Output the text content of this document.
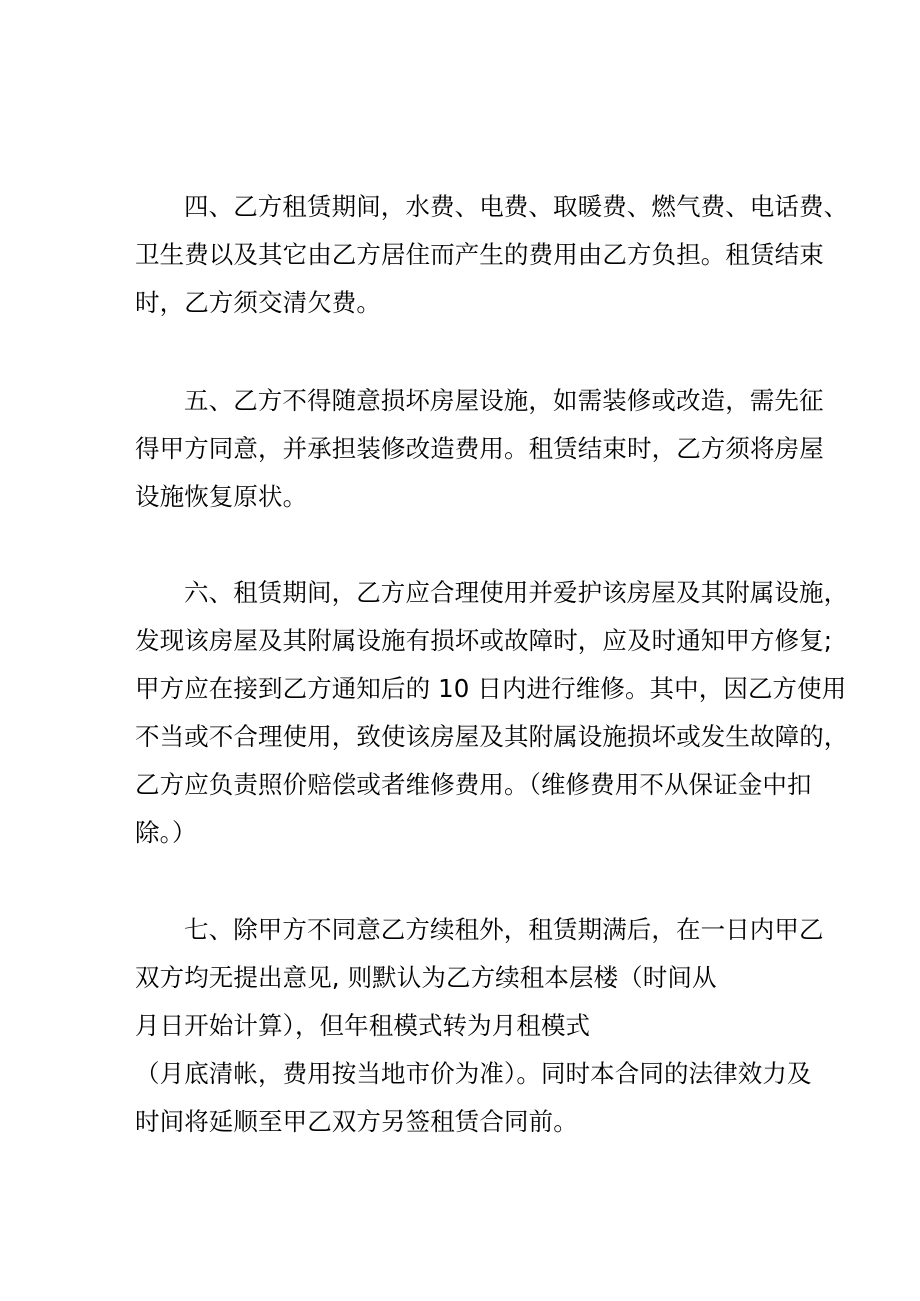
四、乙方租赁期间，水费、电费、取暖费、燃气费、电话费、
卫生费以及其它由乙方居住而产生的费用由乙方负担。租赁结束
时，乙方须交清欠费。
五、乙方不得随意损坏房屋设施，如需装修或改造，需先征
得甲方同意，并承担装修改造费用。租赁结束时，乙方须将房屋
设施恢复原状。
六、租赁期间，乙方应合理使用并爱护该房屋及其附属设施，
发现该房屋及其附属设施有损坏或故障时，应及时通知甲方修复;
甲方应在接到乙方通知后的 10 日内进行维修。其中，因乙方使用
不当或不合理使用，致使该房屋及其附属设施损坏或发生故障的，
乙方应负责照价赔偿或者维修费用。（维修费用不从保证金中扣
除。）
七、除甲方不同意乙方续租外，租赁期满后，在一日内甲乙
双方均无提出意见, 则默认为乙方续租本层楼（时间从
月日开始计算），但年租模式转为月租模式
（月底清帐，费用按当地市价为准）。同时本合同的法律效力及
时间将延顺至甲乙双方另签租赁合同前。
